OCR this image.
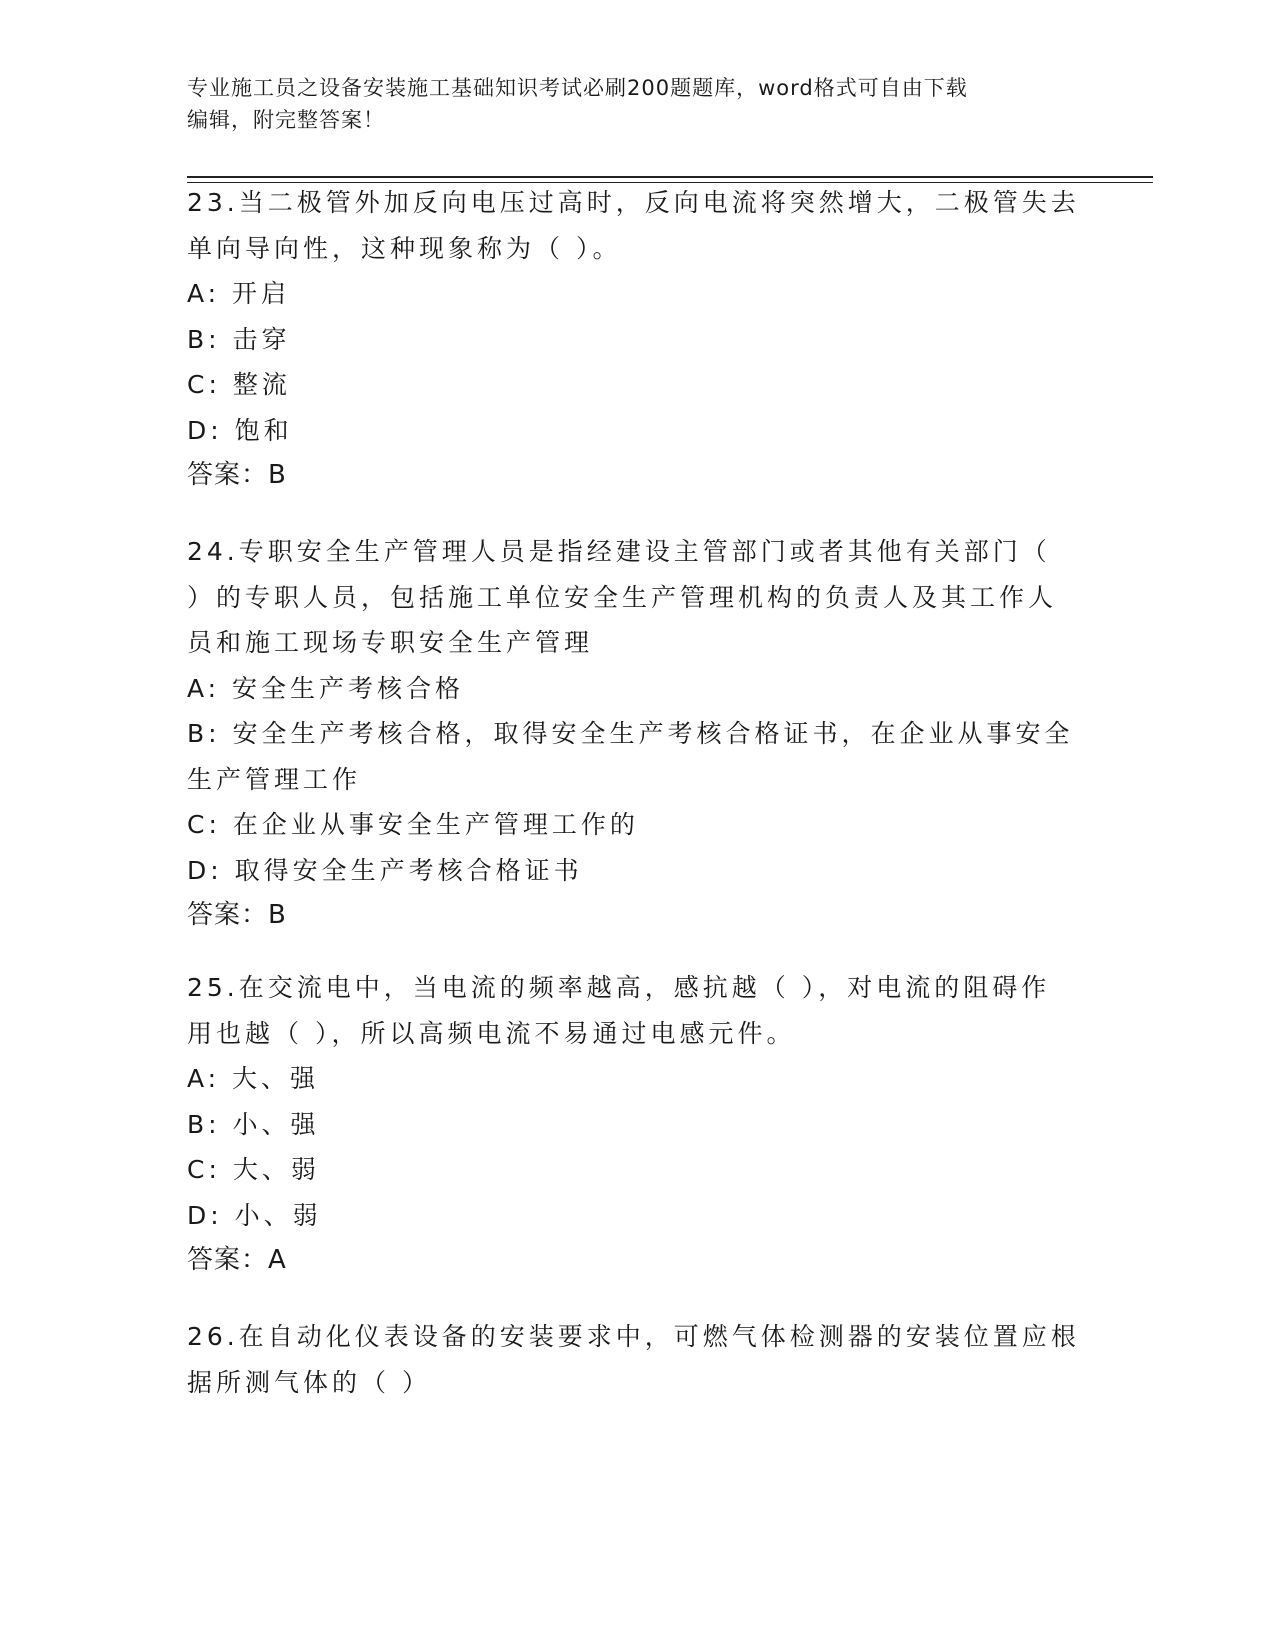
专业施工员之设备安装施工基础知识考试必刷200题题库，word格式可自由下载
编辑，附完整答案！
23.当二极管外加反向电压过高时，反向电流将突然增大，二极管失去
单向导向性，这种现象称为（ ）。
A: 开启
B: 击穿
C: 整流
D: 饱和
答案：B
24.专职安全生产管理人员是指经建设主管部门或者其他有关部门（
）的专职人员，包括施工单位安全生产管理机构的负责人及其工作人
员和施工现场专职安全生产管理
A: 安全生产考核合格
B: 安全生产考核合格，取得安全生产考核合格证书，在企业从事安全
生产管理工作
C: 在企业从事安全生产管理工作的
D: 取得安全生产考核合格证书
答案：B
25.在交流电中，当电流的频率越高，感抗越（ ），对电流的阻碍作
用也越（ ），所以高频电流不易通过电感元件。
A: 大、强
B: 小、强
C: 大、弱
D: 小、弱
答案：A
26.在自动化仪表设备的安装要求中，可燃气体检测器的安装位置应根
据所测气体的（ ）
